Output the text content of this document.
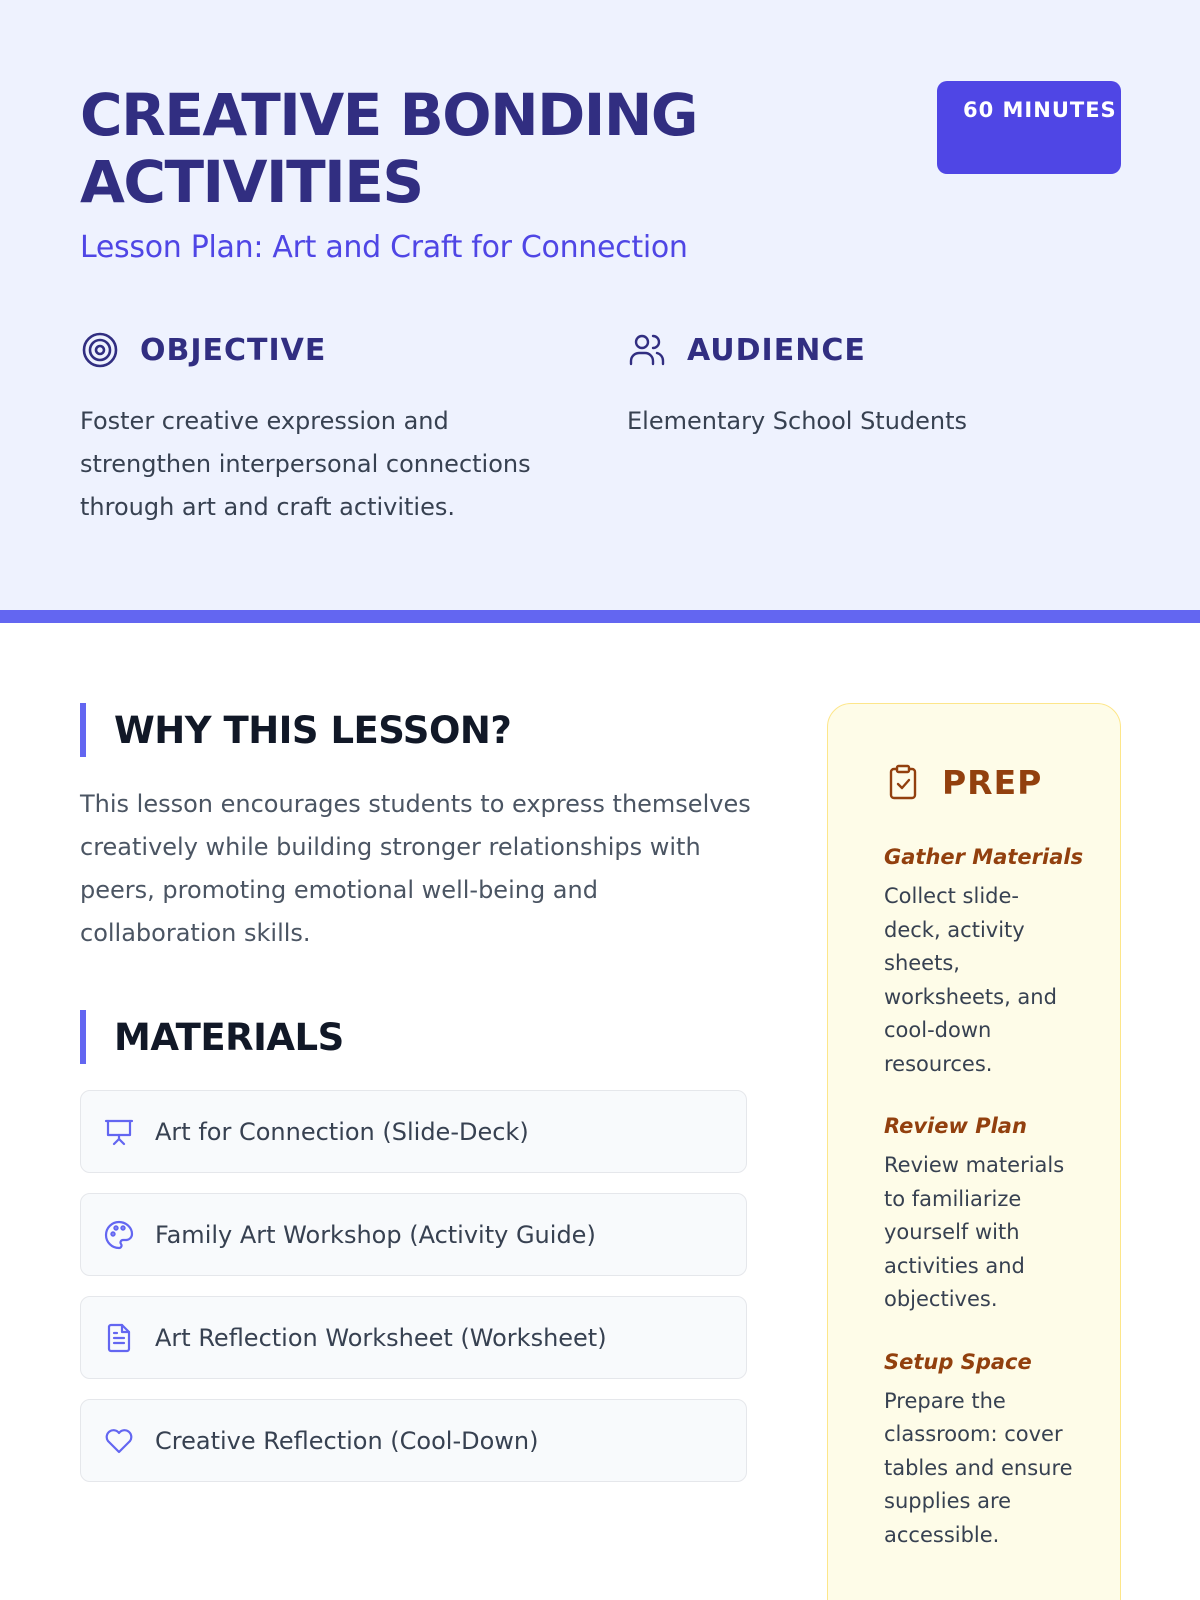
CREATIVE BONDING ACTIVITIES
Lesson Plan: Art and Craft for Connection
60 MINUTES
OBJECTIVE

Foster creative expression and strengthen interpersonal connections through art and craft activities.

AUDIENCE

Elementary School Students

WHY THIS LESSON?

This lesson encourages students to express themselves creatively while building stronger relationships with peers, promoting emotional well-being and collaboration skills.

MATERIALS
Art for Connection (Slide-Deck)
Family Art Workshop (Activity Guide)
Art Reflection Worksheet (Worksheet)
Creative Reflection (Cool-Down)
PREP
Gather Materials
Collect slide-deck, activity sheets, worksheets, and cool-down resources.
Review Plan
Review materials to familiarize yourself with activities and objectives.
Setup Space
Prepare the classroom: cover tables and ensure supplies are accessible.
